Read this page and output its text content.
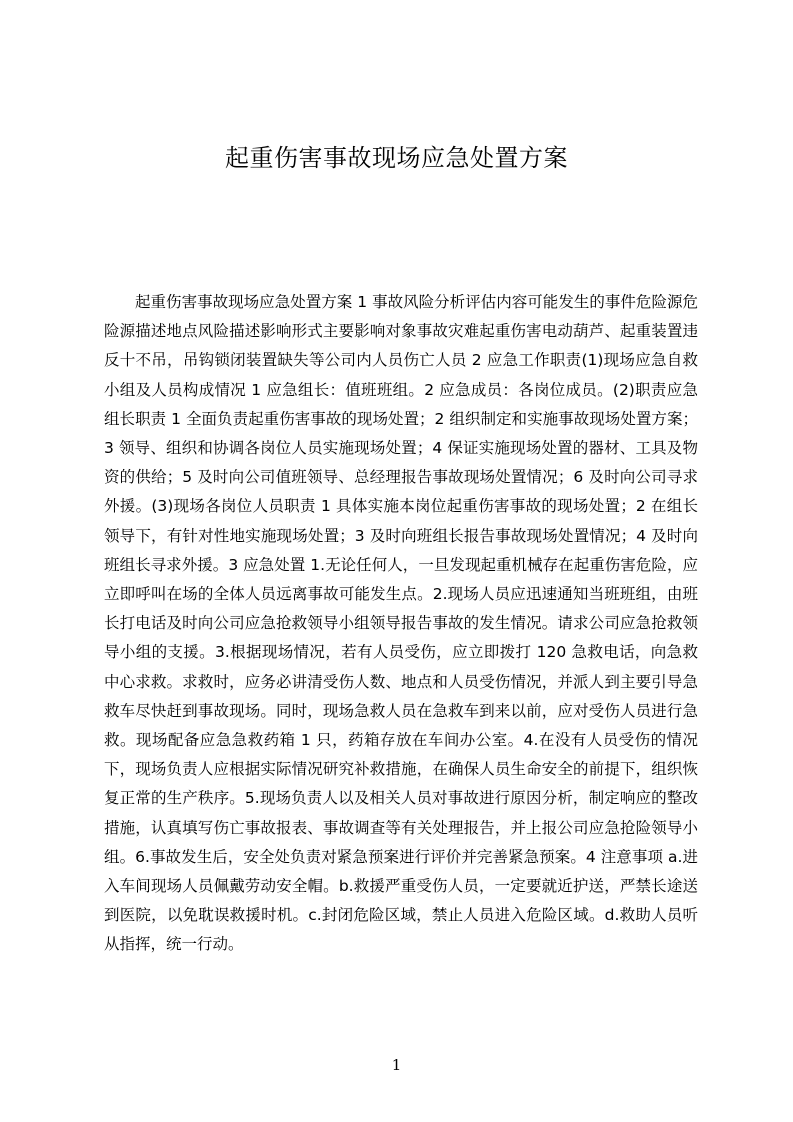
起重伤害事故现场应急处置方案

起重伤害事故现场应急处置方案 1 事故风险分析评估内容可能发生的事件危险源危险源描述地点风险描述影响形式主要影响对象事故灾难起重伤害电动葫芦、起重装置违反十不吊，吊钩锁闭装置缺失等公司内人员伤亡人员 2 应急工作职责(1)现场应急自救小组及人员构成情况 1 应急组长：值班班组。2 应急成员：各岗位成员。(2)职责应急组长职责 1 全面负责起重伤害事故的现场处置；2 组织制定和实施事故现场处置方案；3 领导、组织和协调各岗位人员实施现场处置；4 保证实施现场处置的器材、工具及物资的供给；5 及时向公司值班领导、总经理报告事故现场处置情况；6 及时向公司寻求外援。(3)现场各岗位人员职责 1 具体实施本岗位起重伤害事故的现场处置；2 在组长领导下，有针对性地实施现场处置；3 及时向班组长报告事故现场处置情况；4 及时向班组长寻求外援。3 应急处置 1.无论任何人，一旦发现起重机械存在起重伤害危险，应立即呼叫在场的全体人员远离事故可能发生点。2.现场人员应迅速通知当班班组，由班长打电话及时向公司应急抢救领导小组领导报告事故的发生情况。请求公司应急抢救领导小组的支援。3.根据现场情况，若有人员受伤，应立即拨打 120 急救电话，向急救中心求救。求救时，应务必讲清受伤人数、地点和人员受伤情况，并派人到主要引导急救车尽快赶到事故现场。同时，现场急救人员在急救车到来以前，应对受伤人员进行急救。现场配备应急急救药箱 1 只，药箱存放在车间办公室。4.在没有人员受伤的情况下，现场负责人应根据实际情况研究补救措施，在确保人员生命安全的前提下，组织恢复正常的生产秩序。5.现场负责人以及相关人员对事故进行原因分析，制定响应的整改措施，认真填写伤亡事故报表、事故调查等有关处理报告，并上报公司应急抢险领导小组。6.事故发生后，安全处负责对紧急预案进行评价并完善紧急预案。4 注意事项 a.进入车间现场人员佩戴劳动安全帽。b.救援严重受伤人员，一定要就近护送，严禁长途送到医院，以免耽误救援时机。c.封闭危险区域，禁止人员进入危险区域。d.救助人员听从指挥，统一行动。

1
